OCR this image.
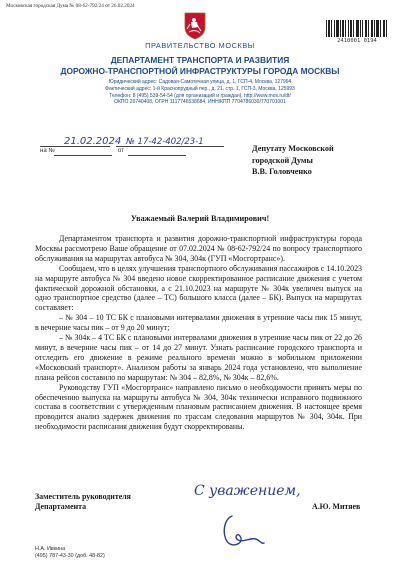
Московская городская Дума № 08-62-792/24 от 26.02.2024
2410001 0194
ПРАВИТЕЛЬСТВО МОСКВЫ
ДЕПАРТАМЕНТ ТРАНСПОРТА И РАЗВИТИЯ
ДОРОЖНО-ТРАНСПОРТНОЙ ИНФРАСТРУКТУРЫ ГОРОДА МОСКВЫ
Юридический адрес: Садовая-Самотечная улица, д. 1, ГСП-4, Москва, 127994
Фактический адрес: 1-й Краснопрудный пер., д. 21, стр. 1, ГСП-3, Москва, 125993
Телефон: 8 (495) 539-54-54 (для организаций и граждан), http://www.mos.ru/dt/
ОКПО 20740408, ОГРН 1117746538684, ИНН/КПП 7704786030/770701001
21.02.2024 № 17-42-402/23-1
на №	от	Депутату Московской
городской Думы
В.В. Головченко
Уважаемый Валерий Владимирович!

Департаментом транспорта и развития дорожно-транспортной инфраструктуры города Москвы рассмотрено Ваше обращение от 07.02.2024 № 08-62-792/24 по вопросу транспортного обслуживания на маршрутах автобуса № 304, 304к (ГУП «Мосгортранс»).

Сообщаем, что в целях улучшения транспортного обслуживания пассажиров с 14.10.2023 на маршруте автобуса № 304 введено новое скорректированное расписание движения с учетом фактической дорожной обстановки, а с 21.10.2023 на маршруте № 304к увеличен выпуск на одно транспортное средство (далее – ТС) большого класса (далее – БК). Выпуск на маршрутах составляет:

– № 304 – 10 ТС БК с плановыми интервалами движения в утренние часы пик 15 минут, в вечерние часы пик – от 9 до 20 минут;

– № 304к – 4 ТС БК с плановыми интервалами движения в утренние часы пик от 22 до 26 минут, в вечерние часы пик – от 14 до 27 минут. Узнать расписание городского транспорта и отследить его движение в режиме реального времени можно в мобильном приложении «Московский транспорт». Анализом работы за январь 2024 года установлено, что выполнение плана рейсов составило по маршрутам: № 304 – 82,8%, № 304к – 82,6%.

Руководству ГУП «Мосгортранс» направлено письмо о необходимости принять меры по обеспечению выпуска на маршруты автобуса № 304, 304к технически исправного подвижного состава в соответствии с утвержденным плановым расписанием движения. В настоящее время проводится анализ задержек движения по трассам следования маршрутов № 304, 304к. При необходимости расписания движения будут скорректированы.

Заместитель руководителя
Департамента
С уважением,
А.Ю. Митяев
Н.А. Ивкина
(495) 787-43-30 (доб. 48-82)
